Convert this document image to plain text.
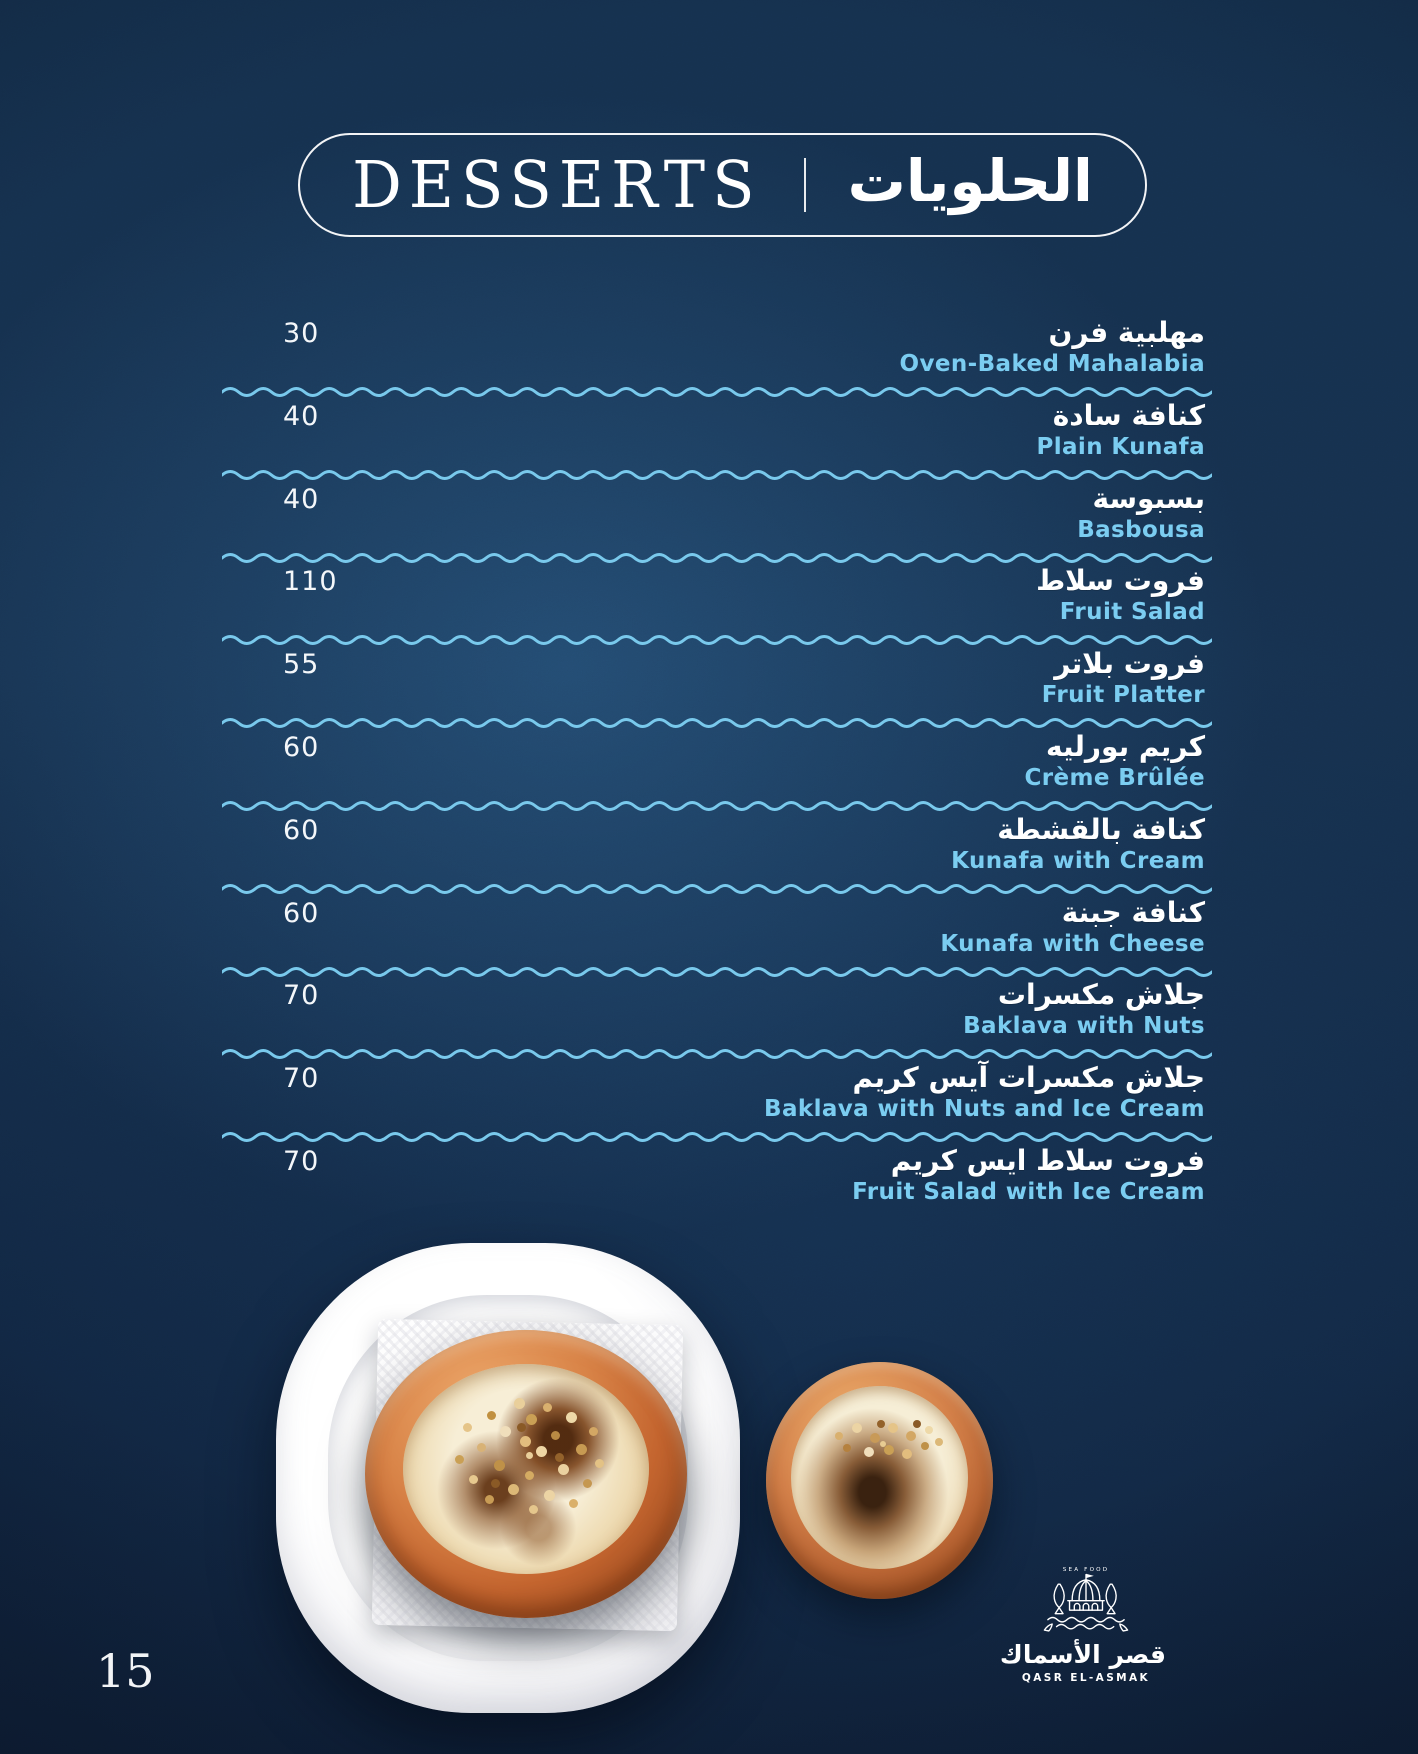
DESSERTS الحلويات
30	مهلبية فرن
Oven-Baked Mahalabia
40	كنافة سادة
Plain Kunafa
40	بسبوسة
Basbousa
110	فروت سلاط
Fruit Salad
55	فروت بلاتر
Fruit Platter
60	كريم بورليه
Crème Brûlée
60	كنافة بالقشطة
Kunafa with Cream
60	كنافة جبنة
Kunafa with Cheese
70	جلاش مكسرات
Baklava with Nuts
70	جلاش مكسرات آيس كريم
Baklava with Nuts and Ice Cream
70	فروت سلاط ايس كريم
Fruit Salad with Ice Cream
15
SEA FOOD
قصر الأسماك
QASR EL-ASMAK
